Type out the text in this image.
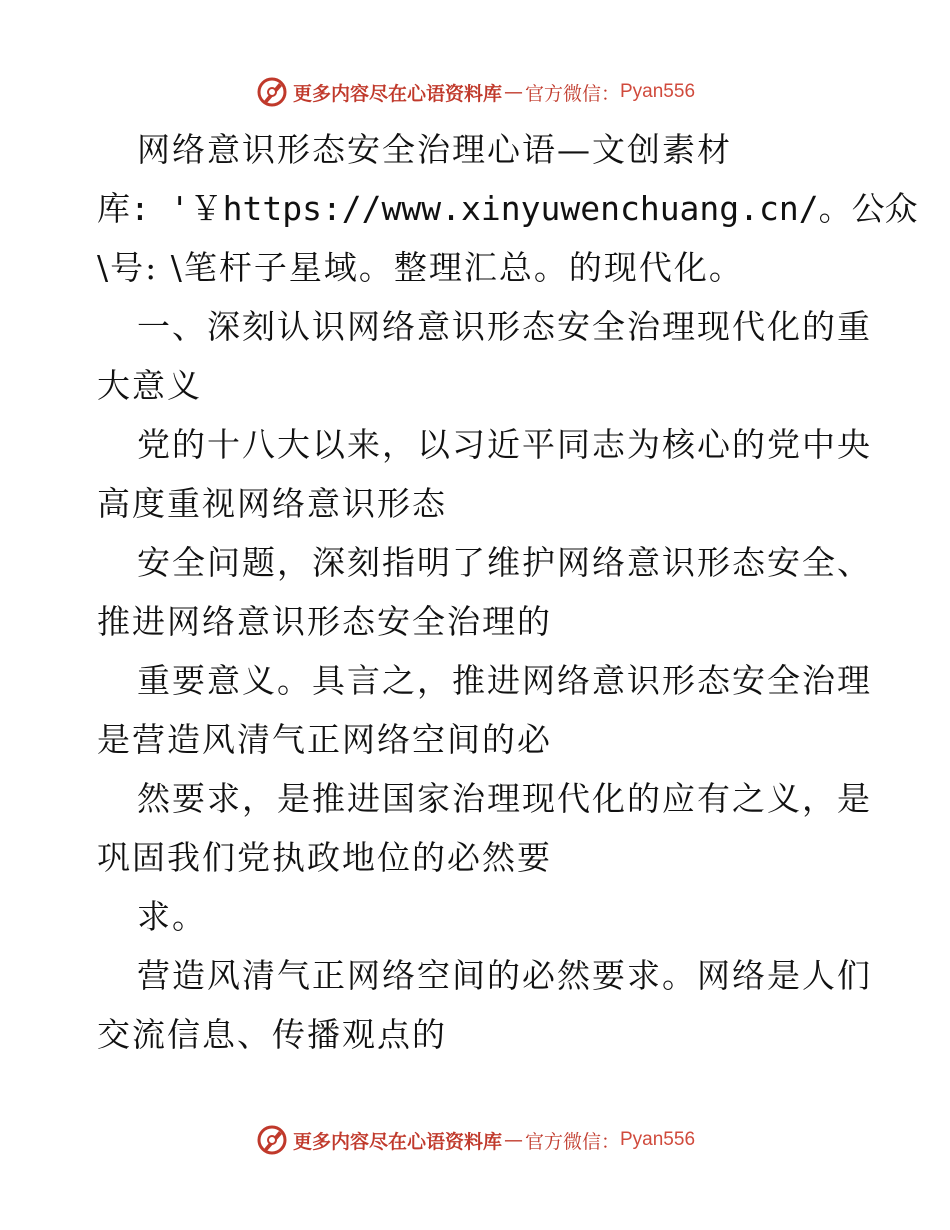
更多内容尽在心语资料库 — 官方微信： Pyan556
网络意识形态安全治理心语—文创素材
库: '￥https://www.xinyuwenchuang.cn/。公众
\号: \笔杆子星域。整理汇总。的现代化。
一、深刻认识网络意识形态安全治理现代化的重
大意义
党的十八大以来，以习近平同志为核心的党中央
高度重视网络意识形态
安全问题，深刻指明了维护网络意识形态安全、
推进网络意识形态安全治理的
重要意义。具言之，推进网络意识形态安全治理
是营造风清气正网络空间的必
然要求，是推进国家治理现代化的应有之义，是
巩固我们党执政地位的必然要
求。
营造风清气正网络空间的必然要求。网络是人们
交流信息、传播观点的
更多内容尽在心语资料库 — 官方微信： Pyan556
